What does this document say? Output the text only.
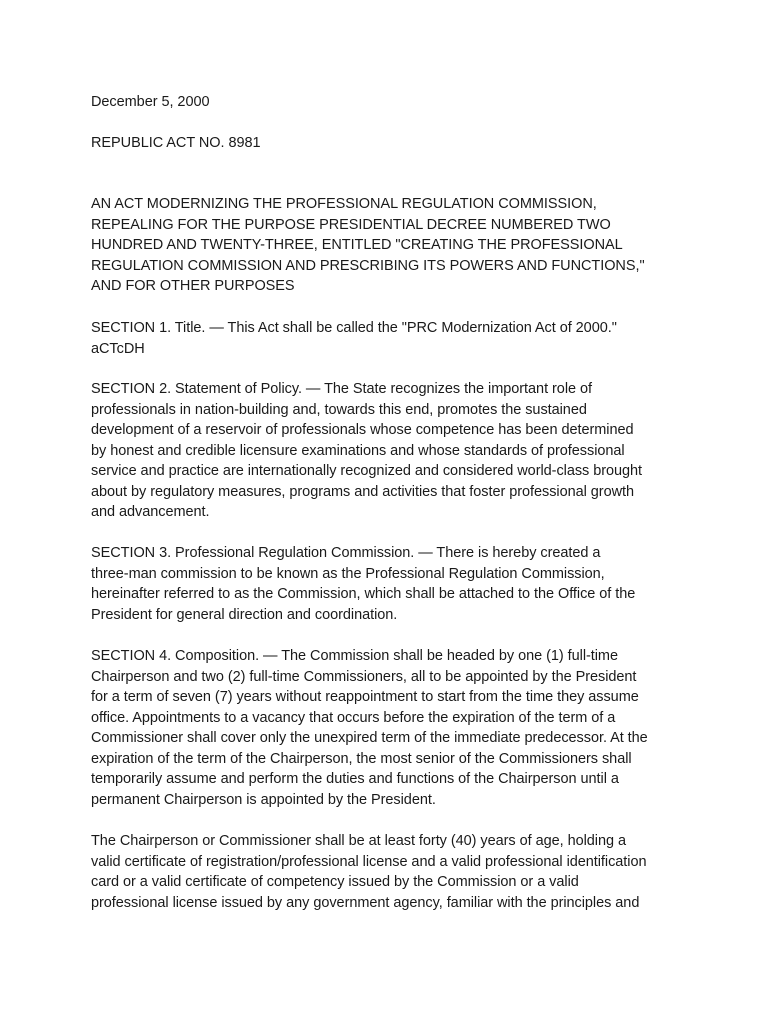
December 5, 2000
REPUBLIC ACT NO. 8981
AN ACT MODERNIZING THE PROFESSIONAL REGULATION COMMISSION,
REPEALING FOR THE PURPOSE PRESIDENTIAL DECREE NUMBERED TWO
HUNDRED AND TWENTY-THREE, ENTITLED "CREATING THE PROFESSIONAL
REGULATION COMMISSION AND PRESCRIBING ITS POWERS AND FUNCTIONS,"
AND FOR OTHER PURPOSES
SECTION 1. Title. — This Act shall be called the "PRC Modernization Act of 2000."
aCTcDH
SECTION 2. Statement of Policy. — The State recognizes the important role of
professionals in nation-building and, towards this end, promotes the sustained
development of a reservoir of professionals whose competence has been determined
by honest and credible licensure examinations and whose standards of professional
service and practice are internationally recognized and considered world-class brought
about by regulatory measures, programs and activities that foster professional growth
and advancement.
SECTION 3. Professional Regulation Commission. — There is hereby created a
three-man commission to be known as the Professional Regulation Commission,
hereinafter referred to as the Commission, which shall be attached to the Office of the
President for general direction and coordination.
SECTION 4. Composition. — The Commission shall be headed by one (1) full-time
Chairperson and two (2) full-time Commissioners, all to be appointed by the President
for a term of seven (7) years without reappointment to start from the time they assume
office. Appointments to a vacancy that occurs before the expiration of the term of a
Commissioner shall cover only the unexpired term of the immediate predecessor. At the
expiration of the term of the Chairperson, the most senior of the Commissioners shall
temporarily assume and perform the duties and functions of the Chairperson until a
permanent Chairperson is appointed by the President.
The Chairperson or Commissioner shall be at least forty (40) years of age, holding a
valid certificate of registration/professional license and a valid professional identification
card or a valid certificate of competency issued by the Commission or a valid
professional license issued by any government agency, familiar with the principles and
